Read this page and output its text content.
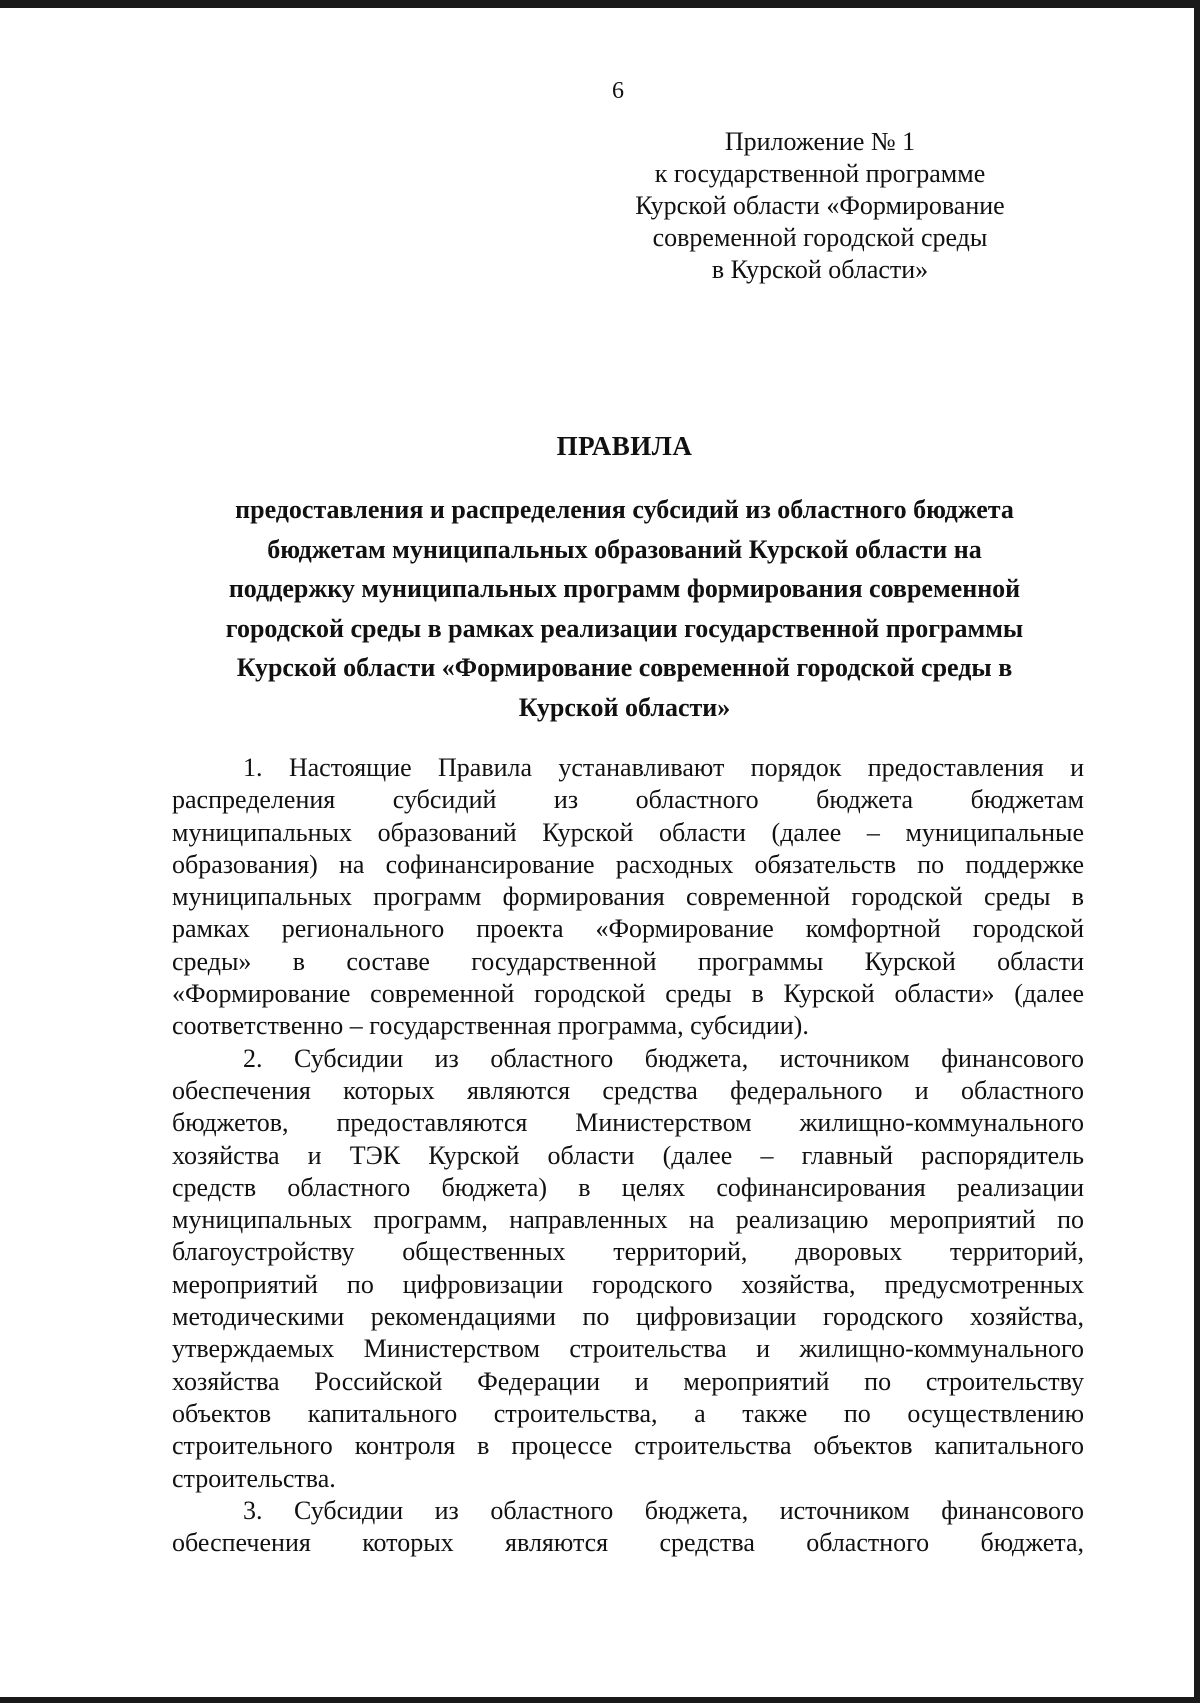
6
Приложение № 1
к государственной программе
Курской области «Формирование
современной городской среды
в Курской области»
ПРАВИЛА
предоставления и распределения субсидий из областного бюджета
бюджетам муниципальных образований Курской области на
поддержку муниципальных программ формирования современной
городской среды в рамках реализации государственной программы
Курской области «Формирование современной городской среды в
Курской области»
1. Настоящие Правила устанавливают порядок предоставления и
распределения субсидий из областного бюджета бюджетам
муниципальных образований Курской области (далее – муниципальные
образования) на софинансирование расходных обязательств по поддержке
муниципальных программ формирования современной городской среды в
рамках регионального проекта «Формирование комфортной городской
среды» в составе государственной программы Курской области
«Формирование современной городской среды в Курской области» (далее
соответственно – государственная программа, субсидии).
2. Субсидии из областного бюджета, источником финансового
обеспечения которых являются средства федерального и областного
бюджетов, предоставляются Министерством жилищно-коммунального
хозяйства и ТЭК Курской области (далее – главный распорядитель
средств областного бюджета) в целях софинансирования реализации
муниципальных программ, направленных на реализацию мероприятий по
благоустройству общественных территорий, дворовых территорий,
мероприятий по цифровизации городского хозяйства, предусмотренных
методическими рекомендациями по цифровизации городского хозяйства,
утверждаемых Министерством строительства и жилищно-коммунального
хозяйства Российской Федерации и мероприятий по строительству
объектов капитального строительства, а также по осуществлению
строительного контроля в процессе строительства объектов капитального
строительства.
3. Субсидии из областного бюджета, источником финансового
обеспечения которых являются средства областного бюджета,
